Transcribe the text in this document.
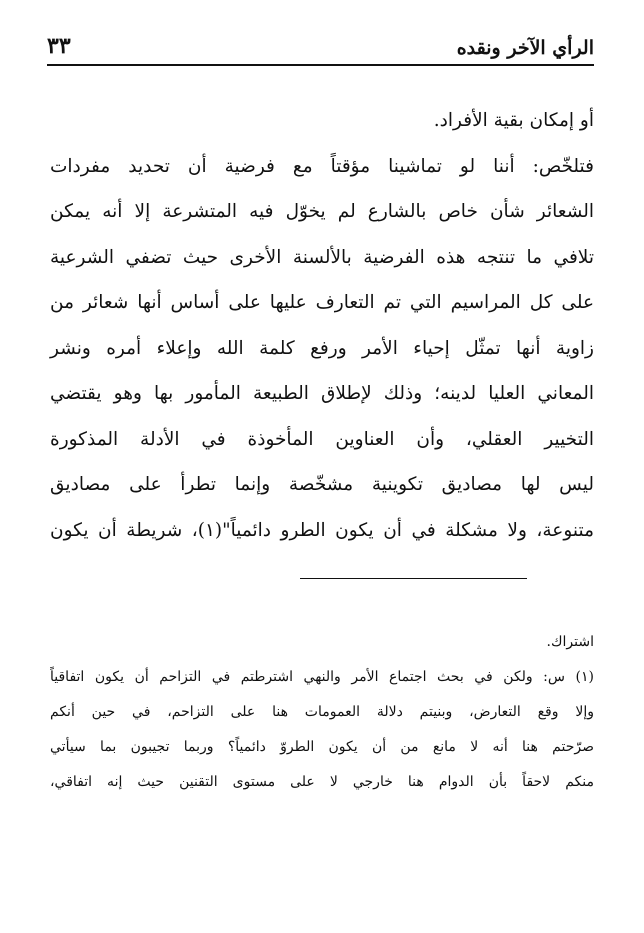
الرأي الآخر ونقده
٣٣
أو إمكان بقية الأفراد.
فتلخّص: أننا لو تماشينا مؤقتاً مع فرضية أن تحديد مفردات
الشعائر شأن خاص بالشارع لم يخوّل فيه المتشرعة إلا أنه يمكن
تلافي ما تنتجه هذه الفرضية بالألسنة الأخرى حيث تضفي الشرعية
على كل المراسيم التي تم التعارف عليها على أساس أنها شعائر من
زاوية أنها تمثّل إحياء الأمر ورفع كلمة الله وإعلاء أمره ونشر
المعاني العليا لدينه؛ وذلك لإطلاق الطبيعة المأمور بها وهو يقتضي
التخيير العقلي، وأن العناوين المأخوذة في الأدلة المذكورة
ليس لها مصاديق تكوينية مشخّصة وإنما تطرأ على مصاديق
متنوعة، ولا مشكلة في أن يكون الطرو دائمياً"(١)، شريطة أن يكون
اشتراك.
(١) س: ولكن في بحث اجتماع الأمر والنهي اشترطتم في التزاحم أن يكون اتفاقياً
وإلا وقع التعارض، وبنيتم دلالة العمومات هنا على التزاحم، في حين أنكم
صرّحتم هنا أنه لا مانع من أن يكون الطروّ دائمياً؟ وربما تجيبون بما سيأتي
منكم لاحقاً بأن الدوام هنا خارجي لا على مستوى التقنين حيث إنه اتفاقي،
